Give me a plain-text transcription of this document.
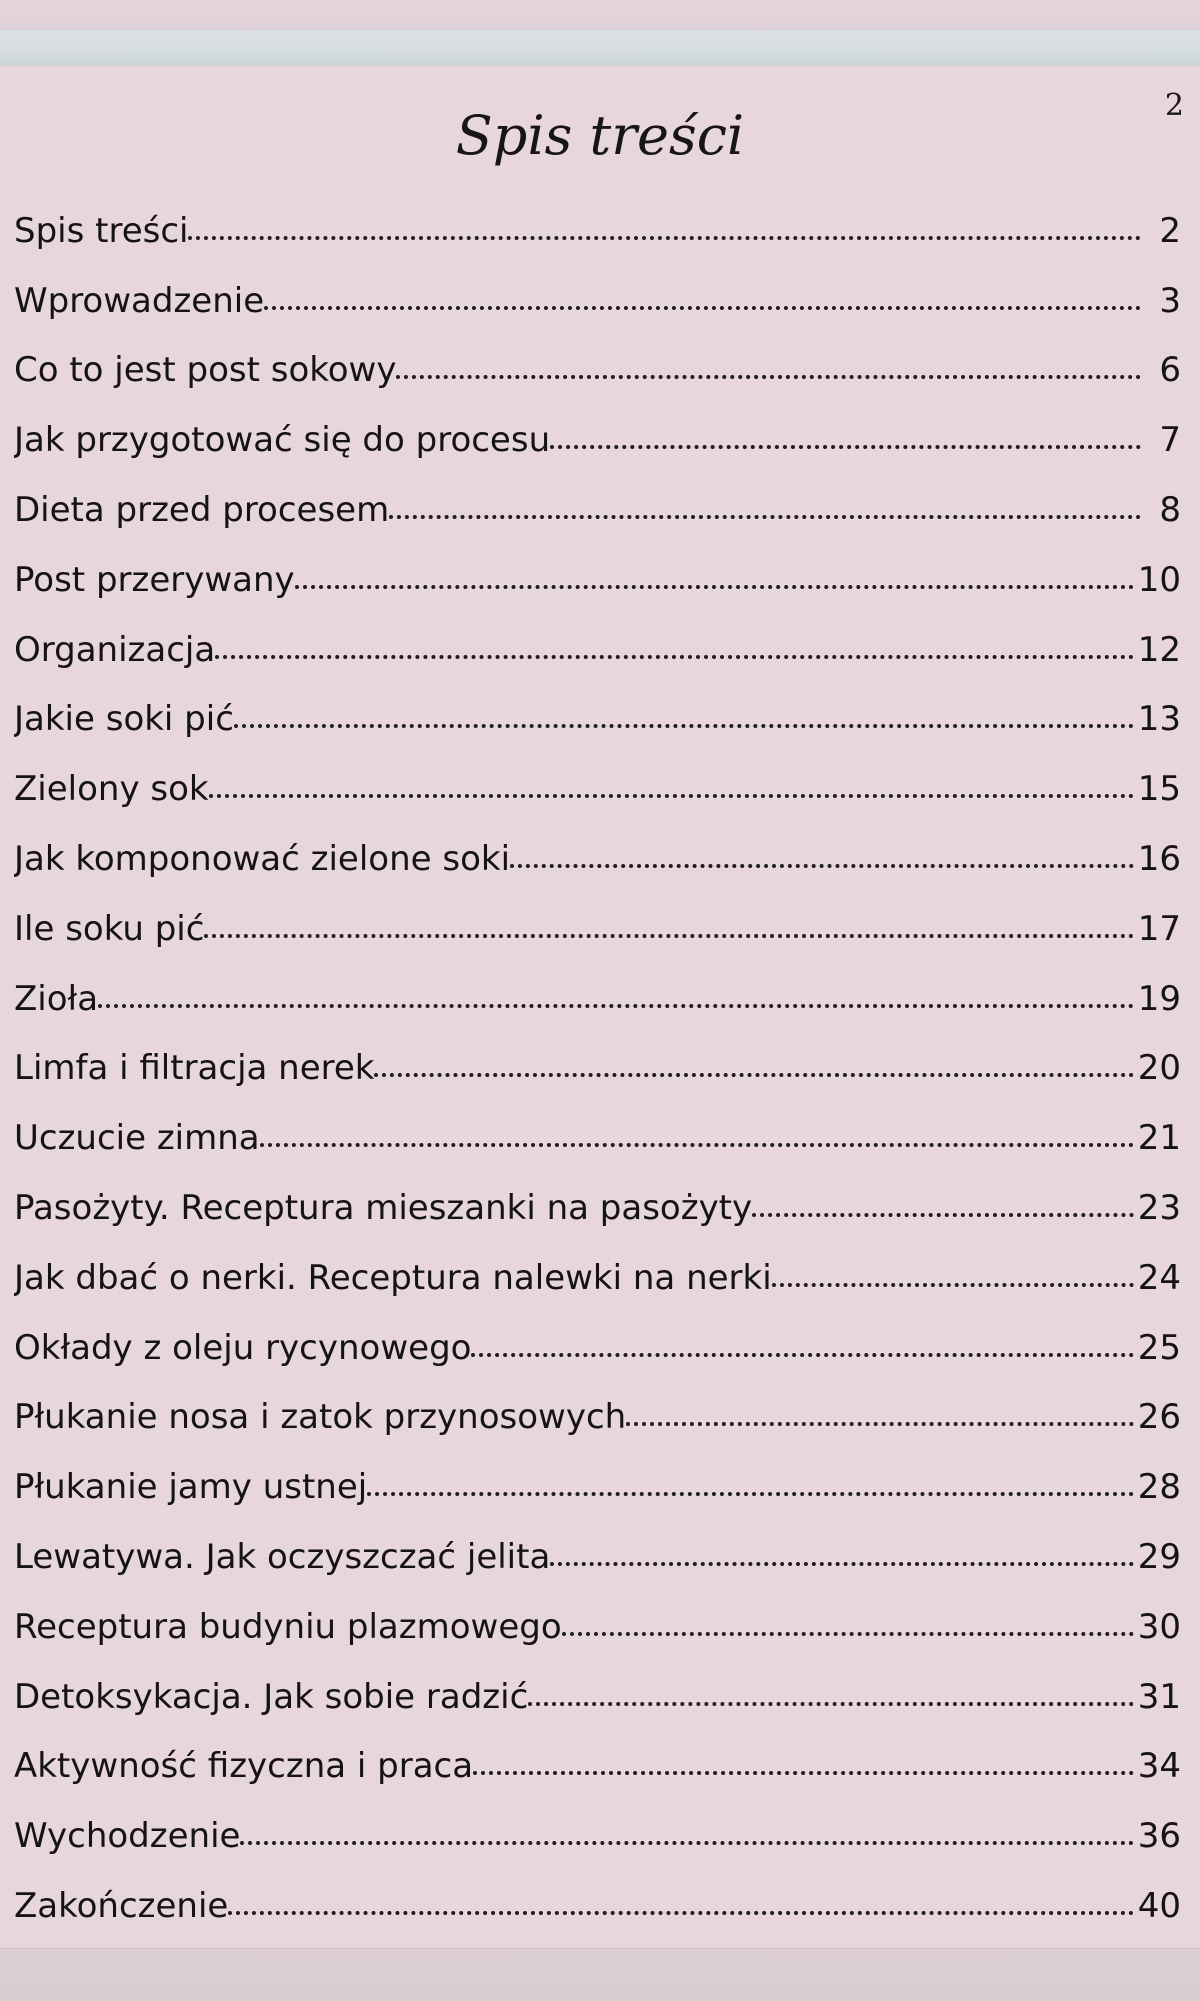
2

Spis treści
Spis treści	2
Wprowadzenie	3
Co to jest post sokowy	6
Jak przygotować się do procesu	7
Dieta przed procesem	8
Post przerywany	10
Organizacja	12
Jakie soki pić	13
Zielony sok	15
Jak komponować zielone soki	16
Ile soku pić	17
Zioła	19
Limfa i filtracja nerek	20
Uczucie zimna	21
Pasożyty. Receptura mieszanki na pasożyty	23
Jak dbać o nerki. Receptura nalewki na nerki	24
Okłady z oleju rycynowego	25
Płukanie nosa i zatok przynosowych	26
Płukanie jamy ustnej	28
Lewatywa. Jak oczyszczać jelita	29
Receptura budyniu plazmowego	30
Detoksykacja. Jak sobie radzić	31
Aktywność fizyczna i praca	34
Wychodzenie	36
Zakończenie	40
